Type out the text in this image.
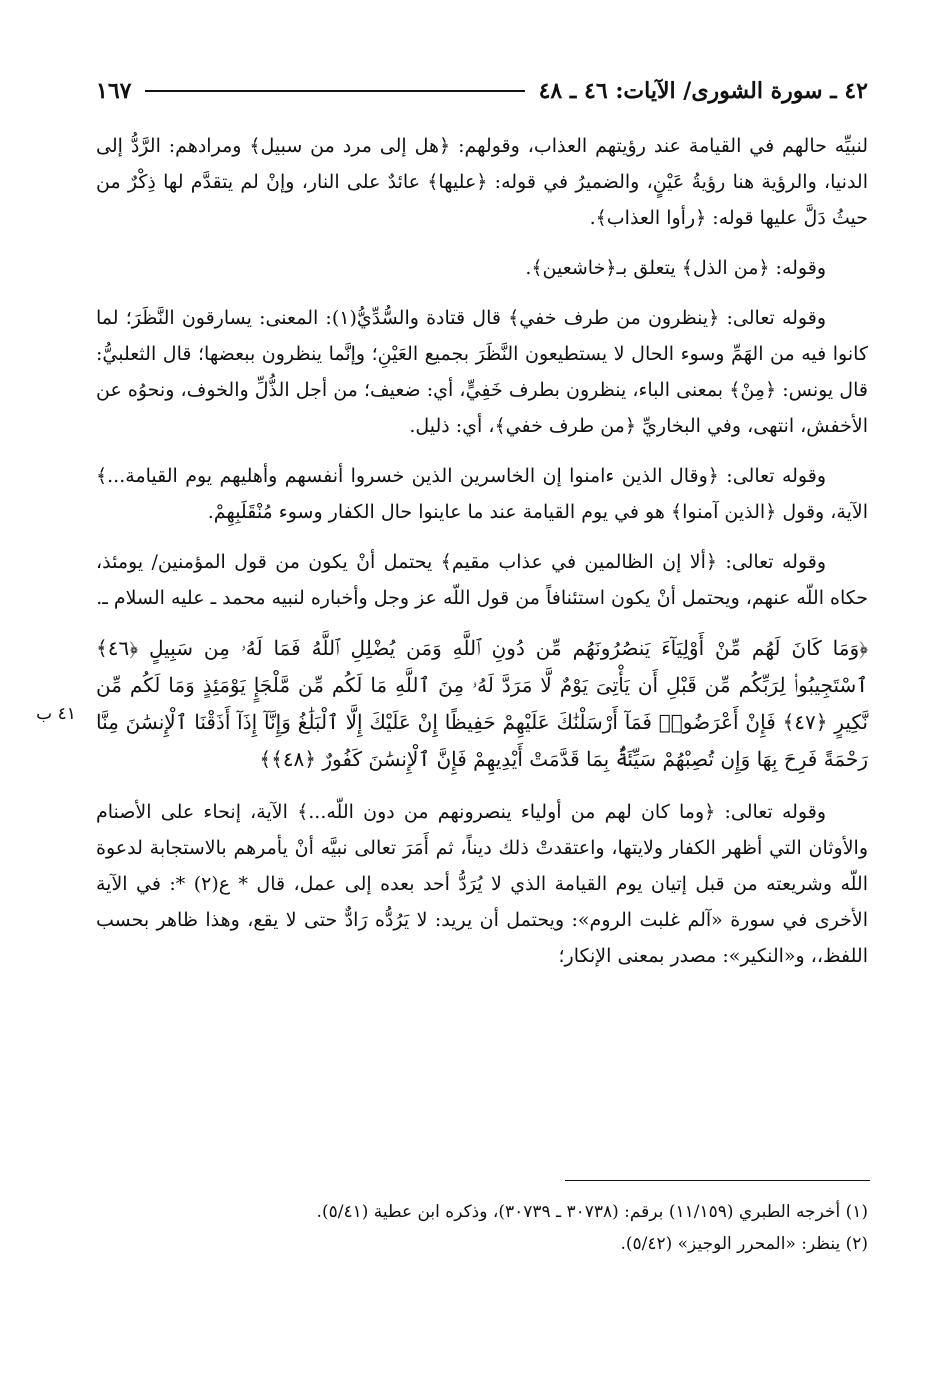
٤٢ ـ سورة الشورى/ الآيات: ٤٦ ـ ٤٨
١٦٧
٤١ ب

لنبيِّه حالهم في القيامة عند رؤيتهم العذاب، وقولهم: ﴿هل إلى مرد من سبيل﴾ ومرادهم: الرَّدُّ إلى الدنيا، والرؤية هنا رؤيةُ عَيْنٍ، والضميرُ في قوله: ﴿عليها﴾ عائدٌ على النار، وإنْ لم يتقدَّم لها ذِكْرٌ من حيثُ دَلَّ عليها قوله: ﴿رأوا العذاب﴾.

وقوله: ﴿من الذل﴾ يتعلق بـ﴿خاشعين﴾.

وقوله تعالى: ﴿ينظرون من طرف خفي﴾ قال قتادة والسُّدِّيُّ(١): المعنى: يسارقون النَّظَرَ؛ لما كانوا فيه من الهَمِّ وسوء الحال لا يستطيعون النَّظَرَ بجميع العَيْنِ؛ وإنَّما ينظرون ببعضها؛ قال الثعلبيُّ: قال يونس: ﴿مِنْ﴾ بمعنى الباء، ينظرون بطرف خَفِيٍّ، أي: ضعيف؛ من أجل الذُّلِّ والخوف، ونحوُه عن الأخفش، انتهى، وفي البخاريِّ ﴿من طرف خفي﴾، أي: ذليل.

وقوله تعالى: ﴿وقال الذين ءامنوا إن الخاسرين الذين خسروا أنفسهم وأهليهم يوم القيامة...﴾ الآية، وقول ﴿الذين آمنوا﴾ هو في يوم القيامة عند ما عاينوا حال الكفار وسوء مُنْقَلَبِهِمْ.

وقوله تعالى: ﴿ألا إن الظالمين في عذاب مقيم﴾ يحتمل أنْ يكون من قول المؤمنين/ يومئذ، حكاه اللّه عنهم، ويحتمل أنْ يكون استئنافاً من قول اللّه عز وجل وأخباره لنبيه محمد ـ عليه السلام ـ.

﴿وَمَا كَانَ لَهُم مِّنْ أَوْلِيَآءَ يَنصُرُونَهُم مِّن دُونِ ٱللَّهِ وَمَن يُضْلِلِ ٱللَّهُ فَمَا لَهُۥ مِن سَبِيلٍ ﴿٤٦﴾ ٱسْتَجِيبُوا۟ لِرَبِّكُم مِّن قَبْلِ أَن يَأْتِىَ يَوْمٌ لَّا مَرَدَّ لَهُۥ مِنَ ٱللَّهِ مَا لَكُم مِّن مَّلْجَإٍ يَوْمَئِذٍ وَمَا لَكُم مِّن نَّكِيرٍ ﴿٤٧﴾ فَإِنْ أَعْرَضُوا۟ فَمَآ أَرْسَلْنَٰكَ عَلَيْهِمْ حَفِيظًا إِنْ عَلَيْكَ إِلَّا ٱلْبَلَٰغُ وَإِنَّآ إِذَآ أَذَقْنَا ٱلْإِنسَٰنَ مِنَّا رَحْمَةً فَرِحَ بِهَا وَإِن تُصِبْهُمْ سَيِّئَةٌۢ بِمَا قَدَّمَتْ أَيْدِيهِمْ فَإِنَّ ٱلْإِنسَٰنَ كَفُورٌ ﴿٤٨﴾﴾

وقوله تعالى: ﴿وما كان لهم من أولياء ينصرونهم من دون اللّه...﴾ الآية، إنحاء على الأصنام والأوثان التي أظهر الكفار ولايتها، واعتقدتْ ذلك ديناً، ثم أَمَرَ تعالى نبيَّه أنْ يأمرهم بالاستجابة لدعوة اللّه وشريعته من قبل إتيان يوم القيامة الذي لا يُرَدُّ أحد بعده إلى عمل، قال * ع(٢) *: في الآية الأخرى في سورة «آلم غلبت الروم»: ويحتمل أن يريد: لا يَرُدُّه رَادٌّ حتى لا يقع، وهذا ظاهر بحسب اللفظ،، و«النكير»: مصدر بمعنى الإنكار؛

(١) أخرجه الطبري (١١/١٥٩) برقم: (٣٠٧٣٨ ـ ٣٠٧٣٩)، وذكره ابن عطية (٥/٤١).

(٢) ينظر: «المحرر الوجيز» (٥/٤٢).
